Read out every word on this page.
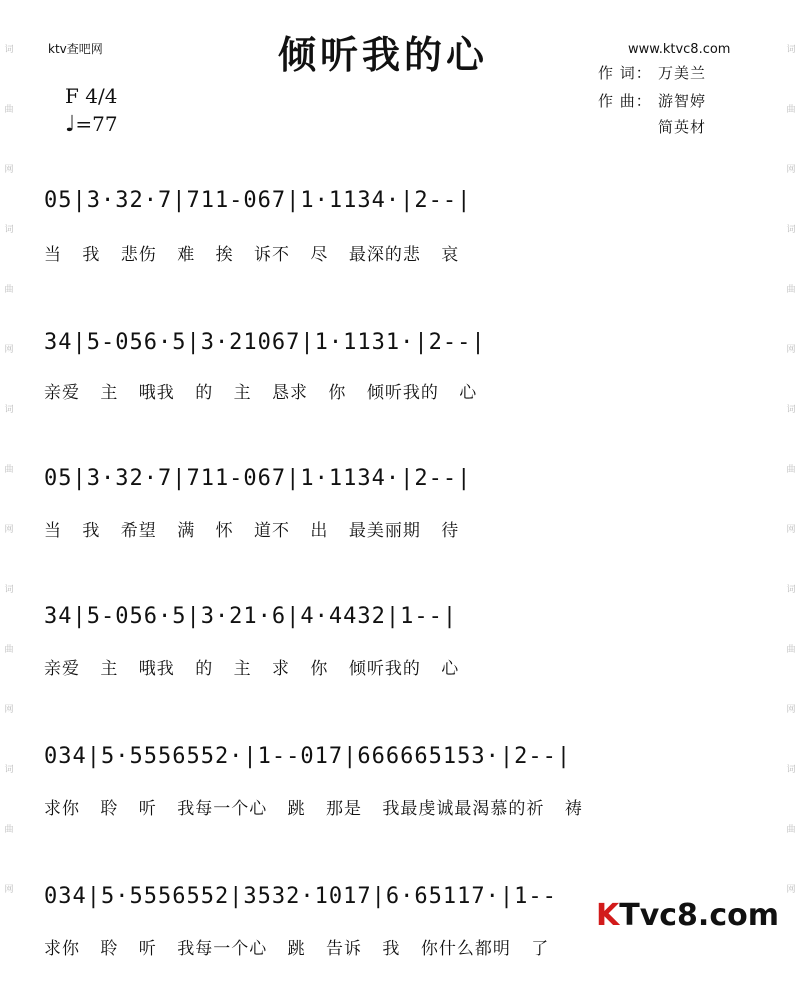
词曲网词曲网词曲网词曲网词曲网
词曲网词曲网词曲网词曲网词曲网
ktv查吧网	倾听我的心	www.ktvc8.com
作 词： 万美兰
作 曲： 游智婷
简英材
F 4/4
♩=77
05|3·32·7|711-067|1·1134·|2--|
当 我 悲伤 难 挨 诉不 尽 最深的悲 哀
34|5-056·5|3·21067|1·1131·|2--|
亲爱 主 哦我 的 主 恳求 你 倾听我的 心
05|3·32·7|711-067|1·1134·|2--|
当 我 希望 满 怀 道不 出 最美丽期 待
34|5-056·5|3·21·6|4·4432|1--|
亲爱 主 哦我 的 主 求 你 倾听我的 心
034|5·5556552·|1--017|666665153·|2--|
求你 聆 听 我每一个心 跳 那是 我最虔诚最渴慕的祈 祷
034|5·5556552|3532·1017|6·65117·|1--
求你 聆 听 我每一个心 跳 告诉 我 你什么都明 了
KTvc8.com
